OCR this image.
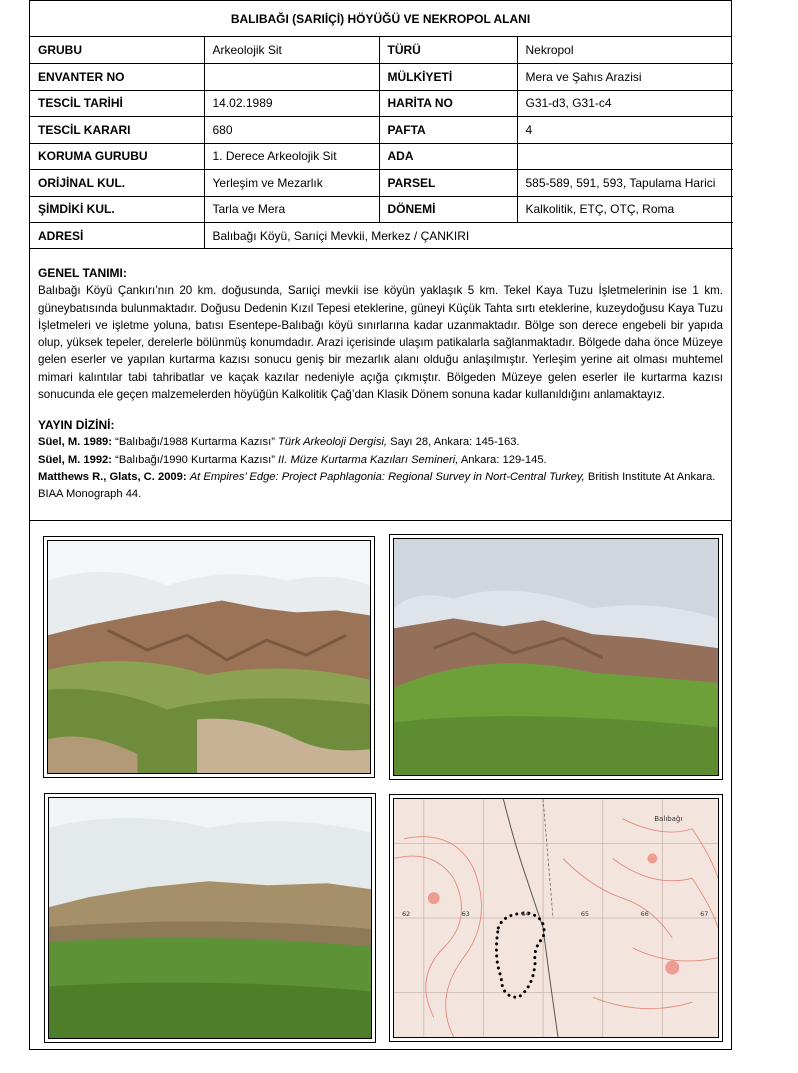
BALIBAĞI (SARIİÇİ) HÖYÜĞÜ VE NEKROPOL ALANI
GRUBU	Arkeolojik Sit	TÜRÜ	Nekropol
ENVANTER NO		MÜLKİYETİ	Mera ve Şahıs Arazisi
TESCİL TARİHİ	14.02.1989	HARİTA NO	G31-d3, G31-c4
TESCİL KARARI	680	PAFTA	4
KORUMA GURUBU	1. Derece Arkeolojik Sit	ADA	
ORİJİNAL KUL.	Yerleşim ve Mezarlık	PARSEL	585-589, 591, 593, Tapulama Harici
ŞİMDİKİ KUL.	Tarla ve Mera	DÖNEMİ	Kalkolitik, ETÇ, OTÇ, Roma
ADRESİ	Balıbağı Köyü, Sarıiçi Mevkii, Merkez / ÇANKIRI		
GENEL TANIMI:
Balıbağı Köyü Çankırı’nın 20 km. doğusunda, Sarıiçi mevkii ise köyün yaklaşık 5 km. Tekel Kaya Tuzu İşletmelerinin ise 1 km. güneybatısında bulunmaktadır. Doğusu Dedenin Kızıl Tepesi eteklerine, güneyi Küçük Tahta sırtı eteklerine, kuzeydoğusu Kaya Tuzu İşletmeleri ve işletme yoluna, batısı Esentepe-Balıbağı köyü sınırlarına kadar uzanmaktadır. Bölge son derece engebeli bir yapıda olup, yüksek tepeler, derelerle bölünmüş konumdadır. Arazi içerisinde ulaşım patikalarla sağlanmaktadır. Bölgede daha önce Müzeye gelen eserler ve yapılan kurtarma kazısı sonucu geniş bir mezarlık alanı olduğu anlaşılmıştır. Yerleşim yerine ait olması muhtemel mimari kalıntılar tabi tahribatlar ve kaçak kazılar nedeniyle açığa çıkmıştır. Bölgeden Müzeye gelen eserler ile kurtarma kazısı sonucunda ele geçen malzemelerden höyüğün Kalkolitik Çağ’dan Klasik Dönem sonuna kadar kullanıldığını anlamaktayız.
YAYIN DİZİNİ:
Süel, M. 1989: “Balıbağı/1988 Kurtarma Kazısı” Türk Arkeoloji Dergisi, Sayı 28, Ankara: 145-163.
Süel, M. 1992: “Balıbağı/1990 Kurtarma Kazısı” II. Müze Kurtarma Kazıları Semineri, Ankara: 129-145.
Matthews R., Glats, C. 2009: At Empires’ Edge: Project Paphlagonia: Regional Survey in Nort-Central Turkey, British Institute At Ankara. BIAA Monograph 44.
Balıbağı
62	63	64	65	66	67
